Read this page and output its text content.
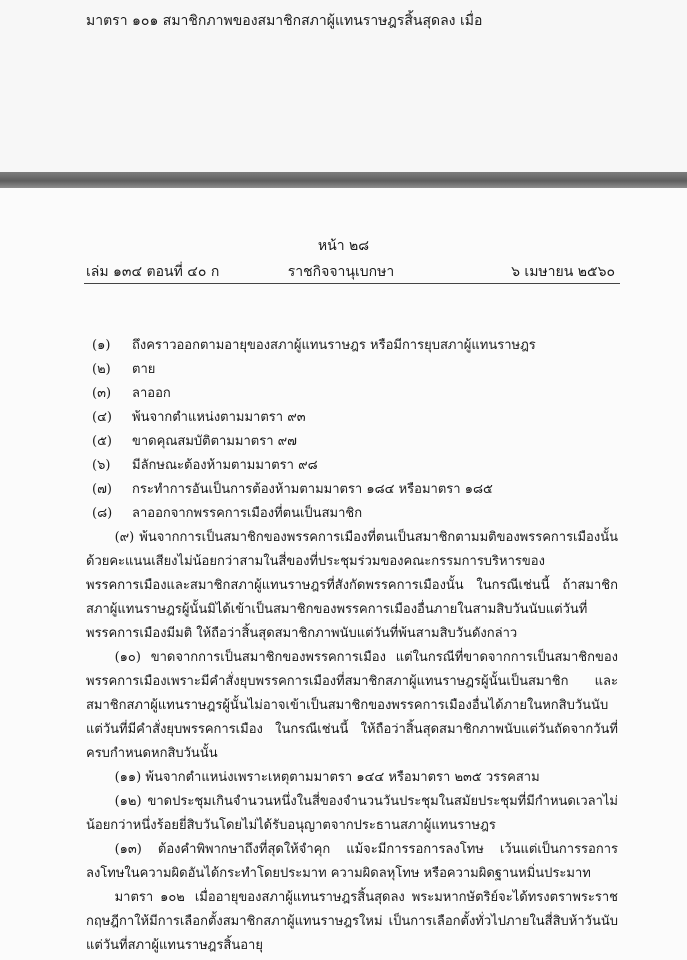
มาตรา ๑๐๑ สมาชิกภาพของสมาชิกสภาผู้แทนราษฎรสิ้นสุดลง เมื่อ
หน้า ๒๘
เล่ม ๑๓๔ ตอนที่ ๔๐ ก	ราชกิจจานุเบกษา	๖ เมษายน ๒๕๖๐
(๑) ถึงคราวออกตามอายุของสภาผู้แทนราษฎร หรือมีการยุบสภาผู้แทนราษฎร
(๒) ตาย
(๓) ลาออก
(๔) พ้นจากตำแหน่งตามมาตรา ๙๓
(๕) ขาดคุณสมบัติตามมาตรา ๙๗
(๖) มีลักษณะต้องห้ามตามมาตรา ๙๘
(๗) กระทำการอันเป็นการต้องห้ามตามมาตรา ๑๘๔ หรือมาตรา ๑๘๕
(๘) ลาออกจากพรรคการเมืองที่ตนเป็นสมาชิก

(๙) พ้นจากการเป็นสมาชิกของพรรคการเมืองที่ตนเป็นสมาชิกตามมติของพรรคการเมืองนั้นด้วยคะแนนเสียงไม่น้อยกว่าสามในสี่ของที่ประชุมร่วมของคณะกรรมการบริหารของพรรคการเมืองและสมาชิกสภาผู้แทนราษฎรที่สังกัดพรรคการเมืองนั้น ในกรณีเช่นนี้ ถ้าสมาชิกสภาผู้แทนราษฎรผู้นั้นมิได้เข้าเป็นสมาชิกของพรรคการเมืองอื่นภายในสามสิบวันนับแต่วันที่พรรคการเมืองมีมติ ให้ถือว่าสิ้นสุดสมาชิกภาพนับแต่วันที่พ้นสามสิบวันดังกล่าว

(๑๐) ขาดจากการเป็นสมาชิกของพรรคการเมือง แต่ในกรณีที่ขาดจากการเป็นสมาชิกของพรรคการเมืองเพราะมีคำสั่งยุบพรรคการเมืองที่สมาชิกสภาผู้แทนราษฎรผู้นั้นเป็นสมาชิก และสมาชิกสภาผู้แทนราษฎรผู้นั้นไม่อาจเข้าเป็นสมาชิกของพรรคการเมืองอื่นได้ภายในหกสิบวันนับแต่วันที่มีคำสั่งยุบพรรคการเมือง ในกรณีเช่นนี้ ให้ถือว่าสิ้นสุดสมาชิกภาพนับแต่วันถัดจากวันที่ครบกำหนดหกสิบวันนั้น

(๑๑) พ้นจากตำแหน่งเพราะเหตุตามมาตรา ๑๔๔ หรือมาตรา ๒๓๕ วรรคสาม

(๑๒) ขาดประชุมเกินจำนวนหนึ่งในสี่ของจำนวนวันประชุมในสมัยประชุมที่มีกำหนดเวลาไม่น้อยกว่าหนึ่งร้อยยี่สิบวันโดยไม่ได้รับอนุญาตจากประธานสภาผู้แทนราษฎร

(๑๓) ต้องคำพิพากษาถึงที่สุดให้จำคุก แม้จะมีการรอการลงโทษ เว้นแต่เป็นการรอการลงโทษในความผิดอันได้กระทำโดยประมาท ความผิดลหุโทษ หรือความผิดฐานหมิ่นประมาท

มาตรา ๑๐๒ เมื่ออายุของสภาผู้แทนราษฎรสิ้นสุดลง พระมหากษัตริย์จะได้ทรงตราพระราชกฤษฎีกาให้มีการเลือกตั้งสมาชิกสภาผู้แทนราษฎรใหม่ เป็นการเลือกตั้งทั่วไปภายในสี่สิบห้าวันนับแต่วันที่สภาผู้แทนราษฎรสิ้นอายุ
